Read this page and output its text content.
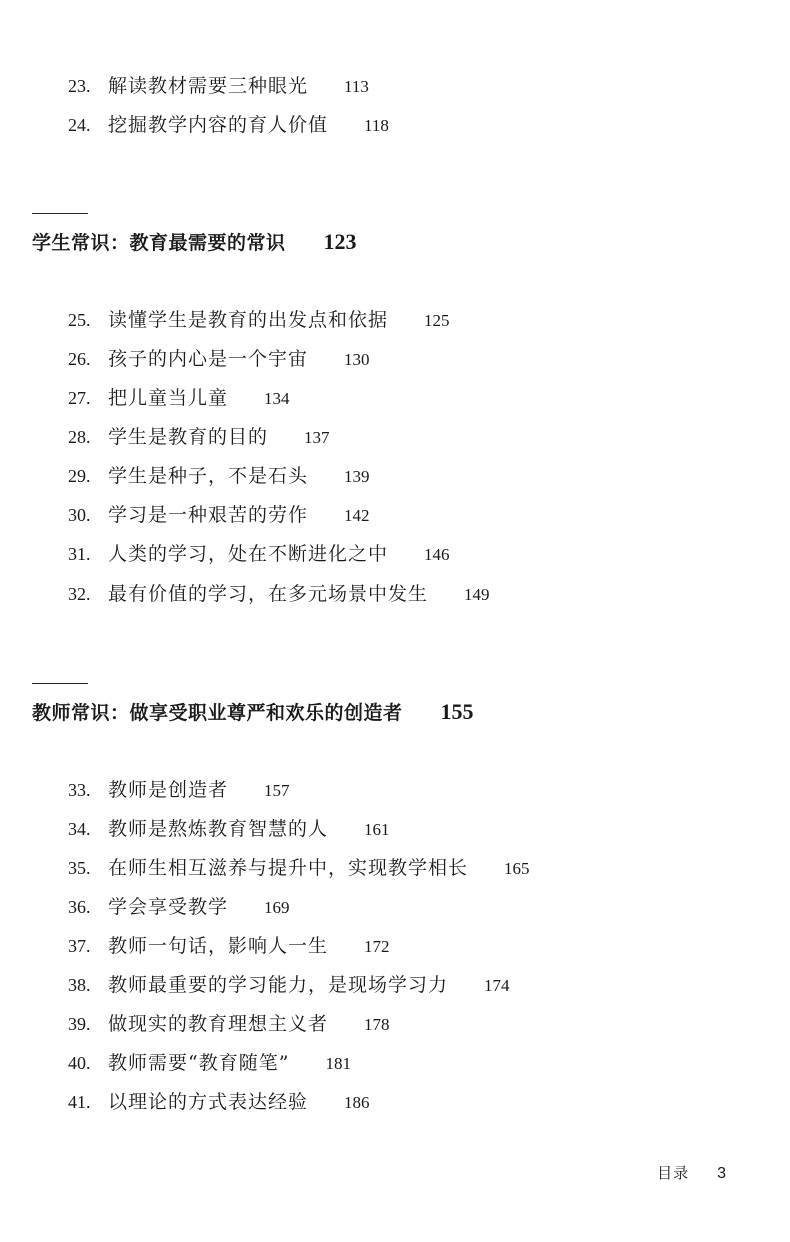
23. 解读教材需要三种眼光 113
24. 挖掘教学内容的育人价值 118
学生常识：教育最需要的常识 123
25. 读懂学生是教育的出发点和依据 125
26. 孩子的内心是一个宇宙 130
27. 把儿童当儿童 134
28. 学生是教育的目的 137
29. 学生是种子，不是石头 139
30. 学习是一种艰苦的劳作 142
31. 人类的学习，处在不断进化之中 146
32. 最有价值的学习，在多元场景中发生 149
教师常识：做享受职业尊严和欢乐的创造者 155
33. 教师是创造者 157
34. 教师是熬炼教育智慧的人 161
35. 在师生相互滋养与提升中，实现教学相长 165
36. 学会享受教学 169
37. 教师一句话，影响人一生 172
38. 教师最重要的学习能力，是现场学习力 174
39. 做现实的教育理想主义者 178
40. 教师需要“教育随笔” 181
41. 以理论的方式表达经验 186
目录 3
